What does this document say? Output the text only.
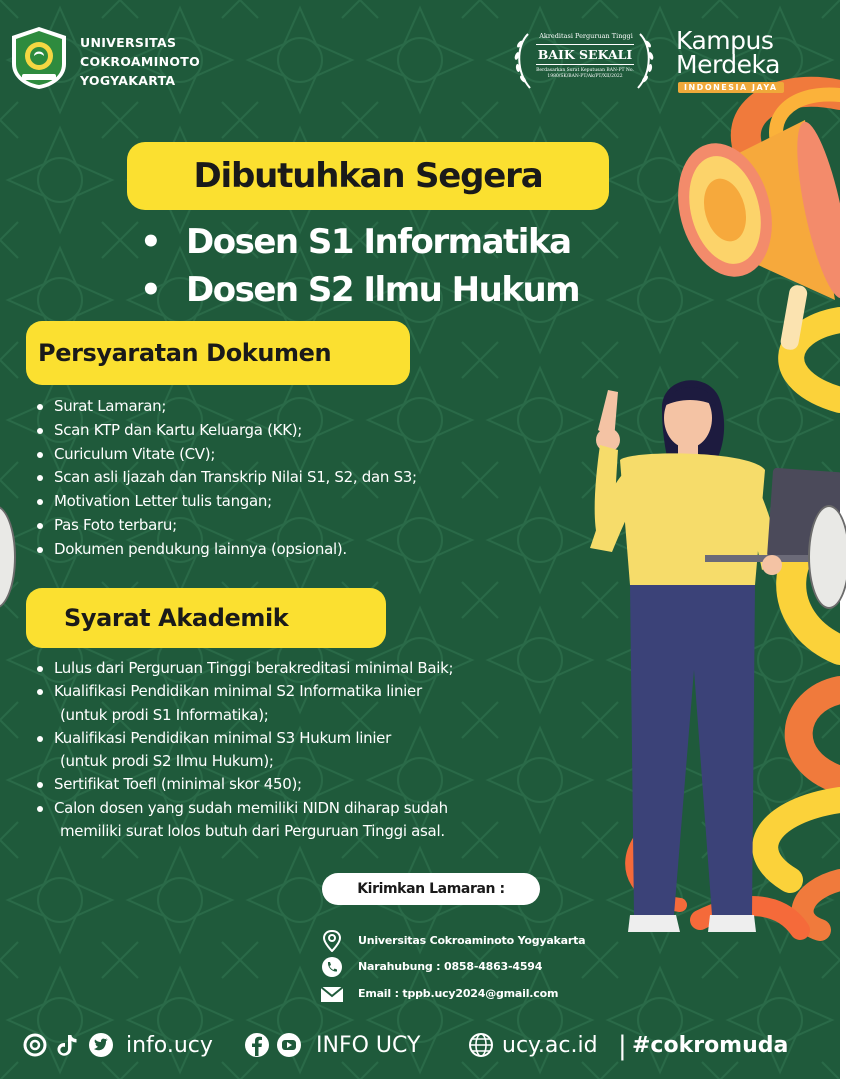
UNIVERSITAS
COKROAMINOTO
YOGYAKARTA
Akreditasi Perguruan Tinggi
BAIK SEKALI
Berdasarkan Surat Keputusan BAN-PT No. 1980/SK/BAN-PT/Ak/PT/XII/2022
Kampus
Merdeka
INDONESIA JAYA
Dibutuhkan Segera
• Dosen S1 Informatika
• Dosen S2 Ilmu Hukum
Persyaratan Dokumen
Surat Lamaran;
Scan KTP dan Kartu Keluarga (KK);
Curiculum Vitate (CV);
Scan asli Ijazah dan Transkrip Nilai S1, S2, dan S3;
Motivation Letter tulis tangan;
Pas Foto terbaru;
Dokumen pendukung lainnya (opsional).
Syarat Akademik
Lulus dari Perguruan Tinggi berakreditasi minimal Baik;
Kualifikasi Pendidikan minimal S2 Informatika linier
(untuk prodi S1 Informatika);
Kualifikasi Pendidikan minimal S3 Hukum linier
(untuk prodi S2 Ilmu Hukum);
Sertifikat Toefl (minimal skor 450);
Calon dosen yang sudah memiliki NIDN diharap sudah
memiliki surat lolos butuh dari Perguruan Tinggi asal.
Kirimkan Lamaran :
Universitas Cokroaminoto Yogyakarta
Narahubung : 0858-4863-4594
Email : tppb.ucy2024@gmail.com
info.ucy	INFO UCY	ucy.ac.id | #cokromuda
